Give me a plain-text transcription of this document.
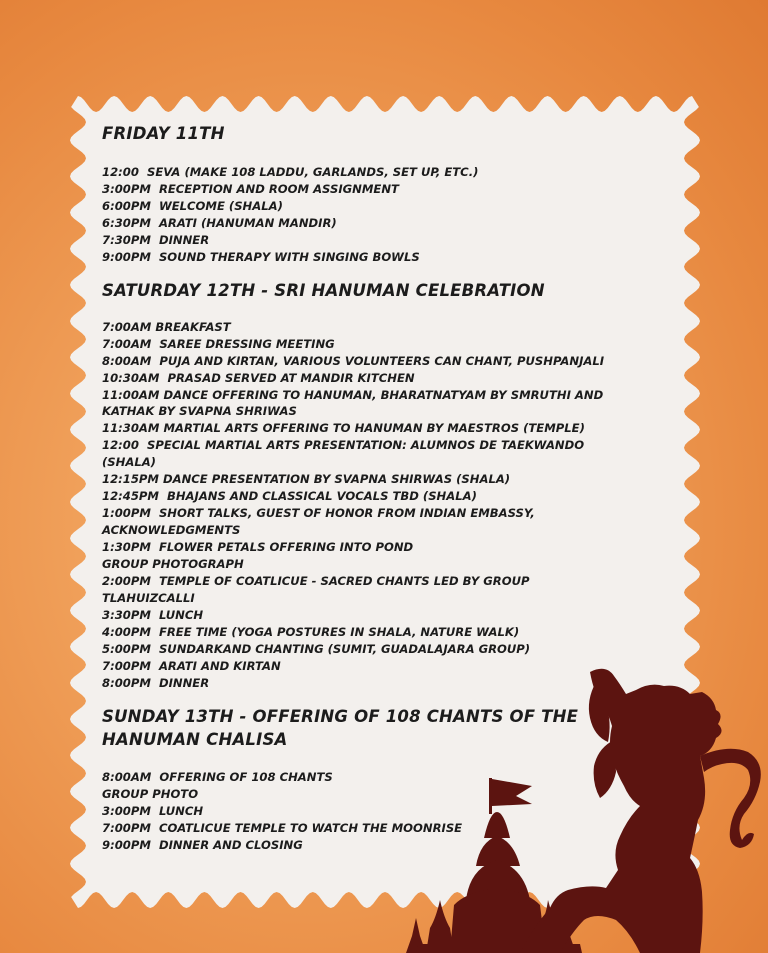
FRIDAY 11TH
12:00  SEVA (MAKE 108 LADDU, GARLANDS, SET UP, ETC.)
3:00PM  RECEPTION AND ROOM ASSIGNMENT
6:00PM  WELCOME (SHALA)
6:30PM  ARATI (HANUMAN MANDIR)
7:30PM  DINNER
9:00PM  SOUND THERAPY WITH SINGING BOWLS
SATURDAY 12TH - SRI HANUMAN CELEBRATION
7:00AM BREAKFAST
7:00AM  SAREE DRESSING MEETING
8:00AM  PUJA AND KIRTAN, VARIOUS VOLUNTEERS CAN CHANT, PUSHPANJALI
10:30AM  PRASAD SERVED AT MANDIR KITCHEN
11:00AM DANCE OFFERING TO HANUMAN, BHARATNATYAM BY SMRUTHI AND KATHAK BY SVAPNA SHRIWAS
11:30AM MARTIAL ARTS OFFERING TO HANUMAN BY MAESTROS (TEMPLE)
12:00  SPECIAL MARTIAL ARTS PRESENTATION: ALUMNOS DE TAEKWANDO (SHALA)
12:15PM DANCE PRESENTATION BY SVAPNA SHIRWAS (SHALA)
12:45PM  BHAJANS AND CLASSICAL VOCALS TBD (SHALA)
1:00PM  SHORT TALKS, GUEST OF HONOR FROM INDIAN EMBASSY, ACKNOWLEDGMENTS
1:30PM  FLOWER PETALS OFFERING INTO POND
GROUP PHOTOGRAPH
2:00PM  TEMPLE OF COATLICUE - SACRED CHANTS LED BY GROUP TLAHUIZCALLI
3:30PM  LUNCH
4:00PM  FREE TIME (YOGA POSTURES IN SHALA, NATURE WALK)
5:00PM  SUNDARKAND CHANTING (SUMIT, GUADALAJARA GROUP)
7:00PM  ARATI AND KIRTAN
8:00PM  DINNER
SUNDAY 13TH - OFFERING OF 108 CHANTS OF THE HANUMAN CHALISA
8:00AM  OFFERING OF 108 CHANTS
GROUP PHOTO
3:00PM  LUNCH
7:00PM  COATLICUE TEMPLE TO WATCH THE MOONRISE
9:00PM  DINNER AND CLOSING
